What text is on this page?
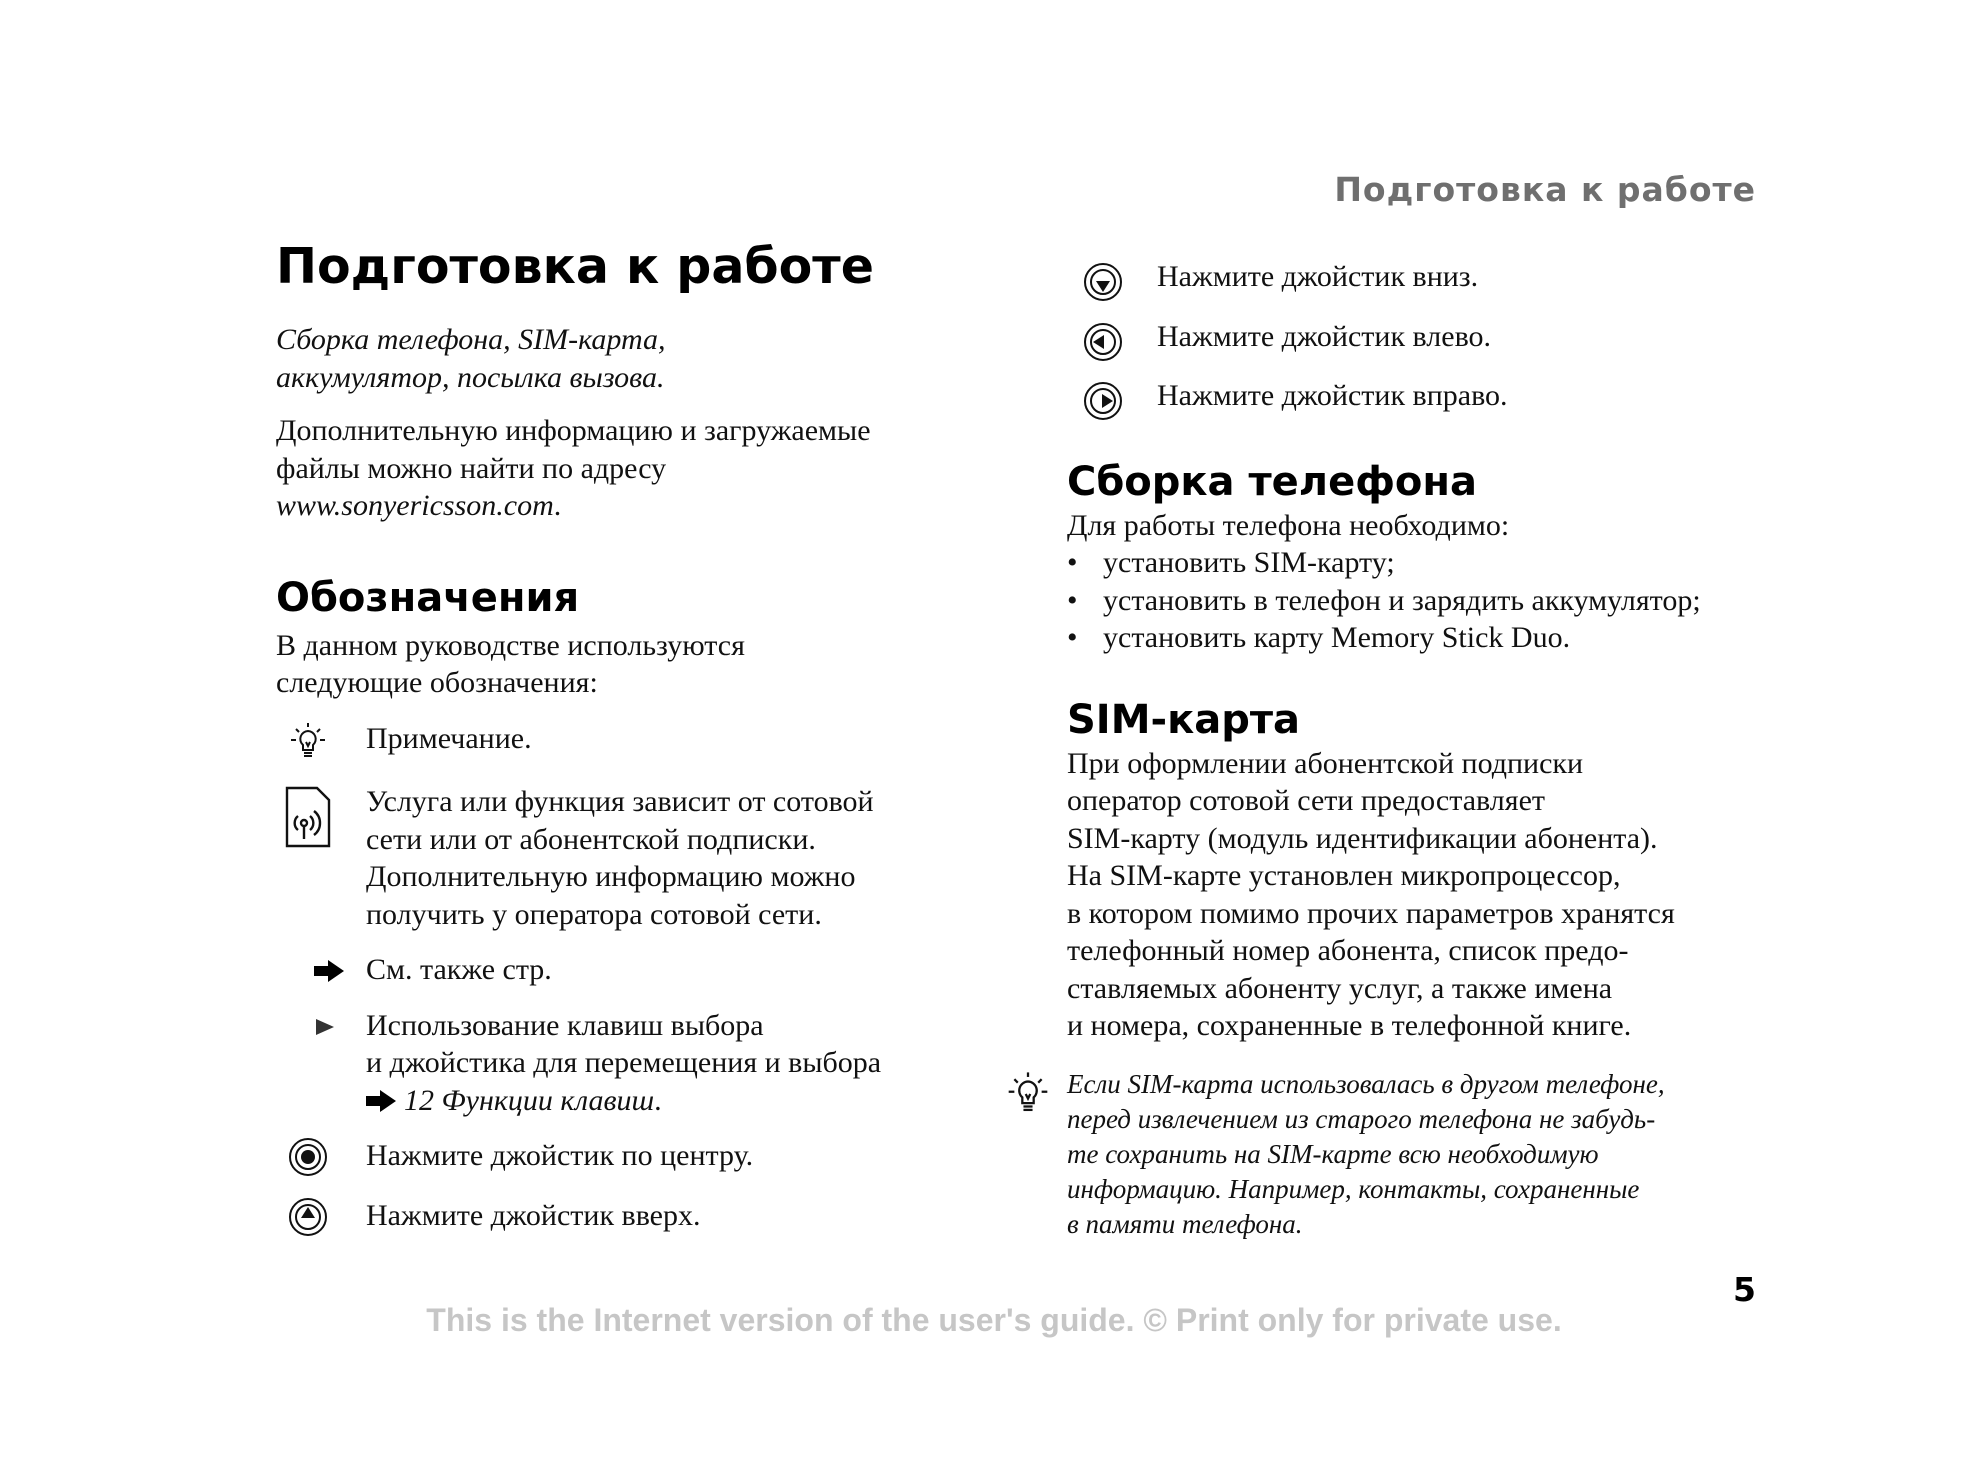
Подготовка к работе
Подготовка к работе

Сборка телефона, SIM-карта,

аккумулятор, посылка вызова.

Дополнительную информацию и загружаемые

файлы можно найти по адресу

www.sonyericsson.com.

Обозначения

В данном руководстве используются

следующие обозначения:

Примечание.

Услуга или функция зависит от сотовой

сети или от абонентской подписки.

Дополнительную информацию можно

получить у оператора сотовой сети.

См. также стр.

Использование клавиш выбора

и джойстика для перемещения и выбора

12 Функции клавиш.

Нажмите джойстик по центру.

Нажмите джойстик вверх.

Нажмите джойстик вниз.

Нажмите джойстик влево.

Нажмите джойстик вправо.

Сборка телефона

Для работы телефона необходимо:

• установить SIM-карту;
• установить в телефон и зарядить аккумулятор;
• установить карту Memory Stick Duo.
SIM-карта

При оформлении абонентской подписки

оператор сотовой сети предоставляет

SIM-карту (модуль идентификации абонента).

На SIM-карте установлен микропроцессор,

в котором помимо прочих параметров хранятся

телефонный номер абонента, список предо-

ставляемых абоненту услуг, а также имена

и номера, сохраненные в телефонной книге.

Если SIM-карта использовалась в другом телефоне,

перед извлечением из старого телефона не забудь-

те сохранить на SIM-карте всю необходимую

информацию. Например, контакты, сохраненные

в памяти телефона.

5
This is the Internet version of the user's guide. © Print only for private use.
